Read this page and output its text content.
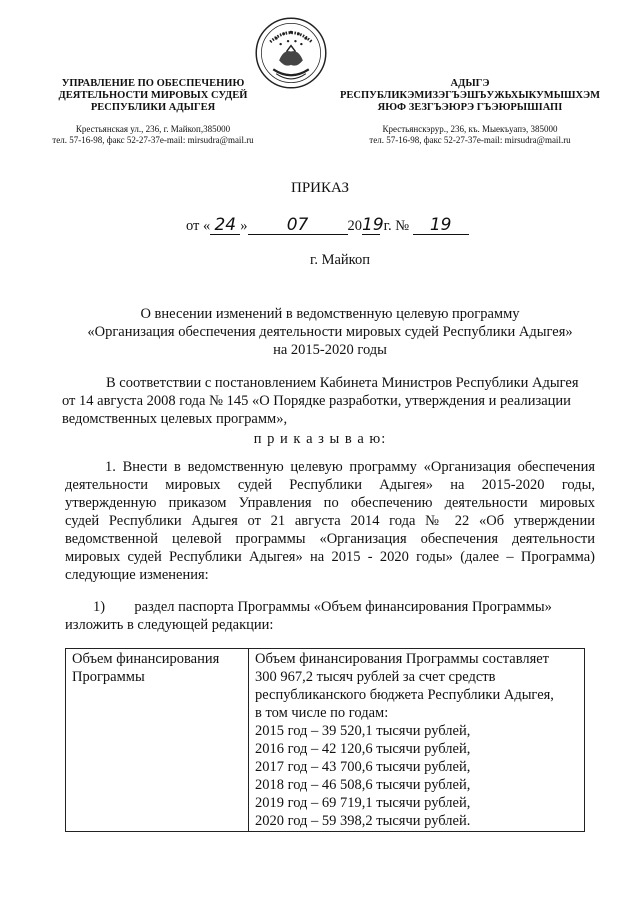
УПРАВЛЕНИЕ ПО ОБЕСПЕЧЕНИЮ
ДЕЯТЕЛЬНОСТИ МИРОВЫХ СУДЕЙ
РЕСПУБЛИКИ АДЫГЕЯ
Крестьянская ул., 236, г. Майкоп,385000
тел. 57-16-98, факс 52-27-37e-mail: mirsudra@mail.ru
АДЫГЭ
РЕСПУБЛИКЭМИЗЭГЪЭШЪУЖЬХЫКУМЫШХЭМ
ЯЮФ ЗЕЗГЪЭЮРЭ ГЪЭЮРЫШIАПI
Крестьянскэрур., 236, къ. Мыекъуапэ, 385000
тел. 57-16-98, факс 52-27-37e-mail: mirsudra@mail.ru
ПРИКАЗ
от « 24 » 07	2019 г. № 19
г. Майкоп
О внесении изменений в ведомственную целевую программу
«Организация обеспечения деятельности мировых судей Республики Адыгея»
на 2015-2020 годы
В соответствии с постановлением Кабинета Министров Республики Адыгея
от 14 августа 2008 года № 145 «О Порядке разработки, утверждения и реализации
ведомственных целевых программ»,
п р и к а з ы в а ю:
1. Внести в ведомственную целевую программу «Организация обеспечения
деятельности мировых судей Республики Адыгея» на 2015-2020 годы,
утвержденную приказом Управления по обеспечению деятельности мировых
судей Республики Адыгея от 21 августа 2014 года № 22 «Об утверждении
ведомственной целевой программы «Организация обеспечения деятельности
мировых судей Республики Адыгея» на 2015 - 2020 годы» (далее – Программа)
следующие изменения:
1) раздел паспорта Программы «Объем финансирования Программы»
изложить в следующей редакции:
Объем финансирования
Программы

Объем финансирования Программы составляет
300 967,2 тысяч рублей за счет средств
республиканского бюджета Республики Адыгея,
в том числе по годам:
2015 год – 39 520,1 тысячи рублей,
2016 год – 42 120,6 тысячи рублей,
2017 год – 43 700,6 тысячи рублей,
2018 год – 46 508,6 тысячи рублей,
2019 год – 69 719,1 тысячи рублей,
2020 год – 59 398,2 тысячи рублей.
